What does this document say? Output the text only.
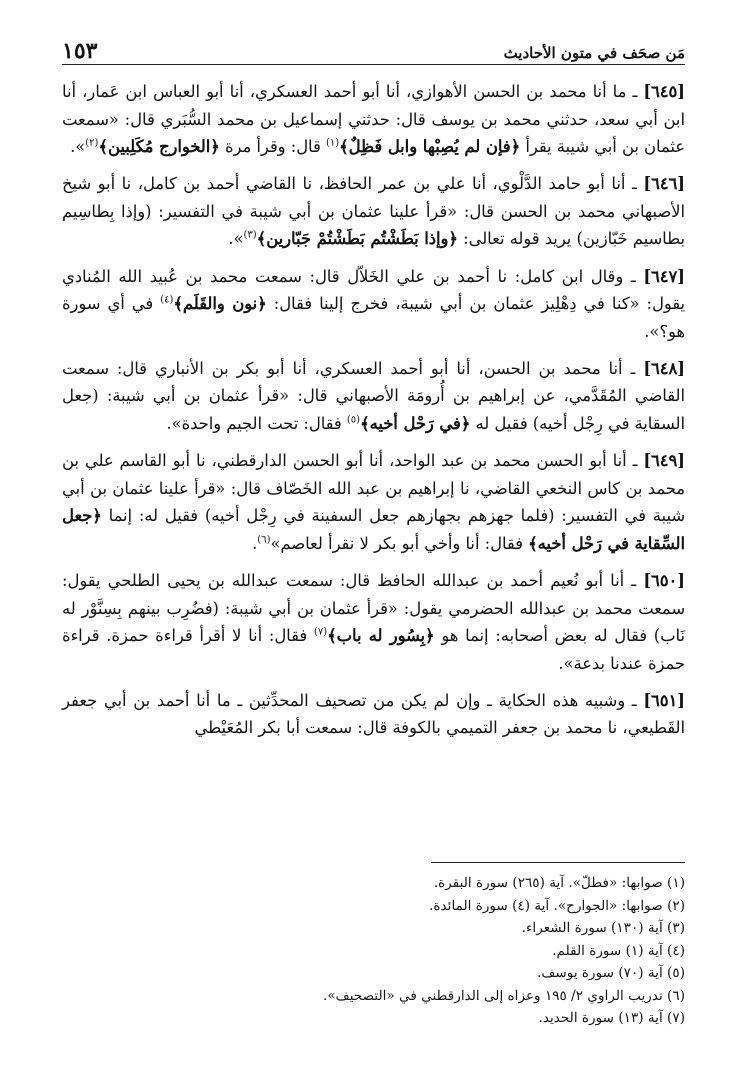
مَن صحَف في متون الأحاديث
١٥٣

[٦٤٥] ـ ما أنا محمد بن الحسن الأهوازي، أنا أبو أحمد العسكري، أنا أبو العباس ابن عَمار، أنا ابن أبي سعد، حدثني محمد بن يوسف قال: حدثني إسماعيل بن محمد السُّبَري قال: «سمعت عثمان بن أبي شيبة يقرأ ﴿فإن لم يُصِبْها وابل فَظِلٌ﴾$^{(١)}$ قال: وقرأ مرة ﴿الخوارج مُكَلِبين﴾$^{(٢)}$».

[٦٤٦] ـ أنا أبو حامد الدَّلْوي، أنا علي بن عمر الحافظ، نا القاضي أحمد بن كامل، نا أبو شيخ الأصبهاني محمد بن الحسن قال: «قرأ علينا عثمان بن أبي شيبة في التفسير: (وإذا بِطاسِيم بطاسيم خَبّازين) يريد قوله تعالى: ﴿وإذا بَطَشْتُم بَطَشْتُمْ جَبّارين﴾$^{(٣)}$».

[٦٤٧] ـ وقال ابن كامل: نا أحمد بن علي الخَلاّل قال: سمعت محمد بن عُبيد الله المُنادي يقول: «كنا في دِهْلِيز عثمان بن أبي شيبة، فخرج إلينا فقال: ﴿نون والقَلَم﴾$^{(٤)}$ في أي سورة هو؟».

[٦٤٨] ـ أنا محمد بن الحسن، أنا أبو أحمد العسكري، أنا أبو بكر بن الأنباري قال: سمعت القاضي المُقَدَّمي، عن إبراهيم بن أُرومَة الأصبهاني قال: «قرأ عثمان بن أبي شيبة: (جعل السقاية في رِجْل أخيه) فقيل له ﴿في رَحْل أخيه﴾$^{(٥)}$ فقال: تحت الجيم واحدة».

[٦٤٩] ـ أنا أبو الحسن محمد بن عبد الواحد، أنا أبو الحسن الدارقطني، نا أبو القاسم علي بن محمد بن كاس النخعي القاضي، نا إبراهيم بن عبد الله الخَصّاف قال: «قرأ علينا عثمان بن أبي شيبة في التفسير: (فلما جهزهم بجهازهم جعل السفينة في رِجْل أخيه) فقيل له: إنما ﴿جعل السِّقاية في رَحْل أخيه﴾ فقال: أنا وأخي أبو بكر لا نقرأ لعاصم»$^{(٦)}$.

[٦٥٠] ـ أنا أبو نُعيم أحمد بن عبدالله الحافظ قال: سمعت عبدالله بن يحيى الطلحي يقول: سمعت محمد بن عبدالله الحضرمي يقول: «قرأ عثمان بن أبي شيبة: (فضُرِب بينهم بِسِنَّوْر له نَاب) فقال له بعض أصحابه: إنما هو ﴿بِسُور له باب﴾$^{(٧)}$ فقال: أنا لا أقرأ قراءة حمزة. قراءة حمزة عندنا بدعة».

[٦٥١] ـ وشبيه هذه الحكاية ـ وإن لم يكن من تصحيف المحدِّثين ـ ما أنا أحمد بن أبي جعفر القَطيعي، نا محمد بن جعفر التميمي بالكوفة قال: سمعت أبا بكر المُعَيْطي

(١) صوابها: «فطلّ». آية (٢٦٥) سورة البقرة.

(٢) صوابها: «الجوارح». آية (٤) سورة المائدة.

(٣) آية (١٣٠) سورة الشعراء.

(٤) آية (١) سورة القلم.

(٥) آية (٧٠) سورة يوسف.

(٦) تدريب الراوي ٢/ ١٩٥ وعزاه إلى الدارقطني في «التصحيف».

(٧) آية (١٣) سورة الحديد.
